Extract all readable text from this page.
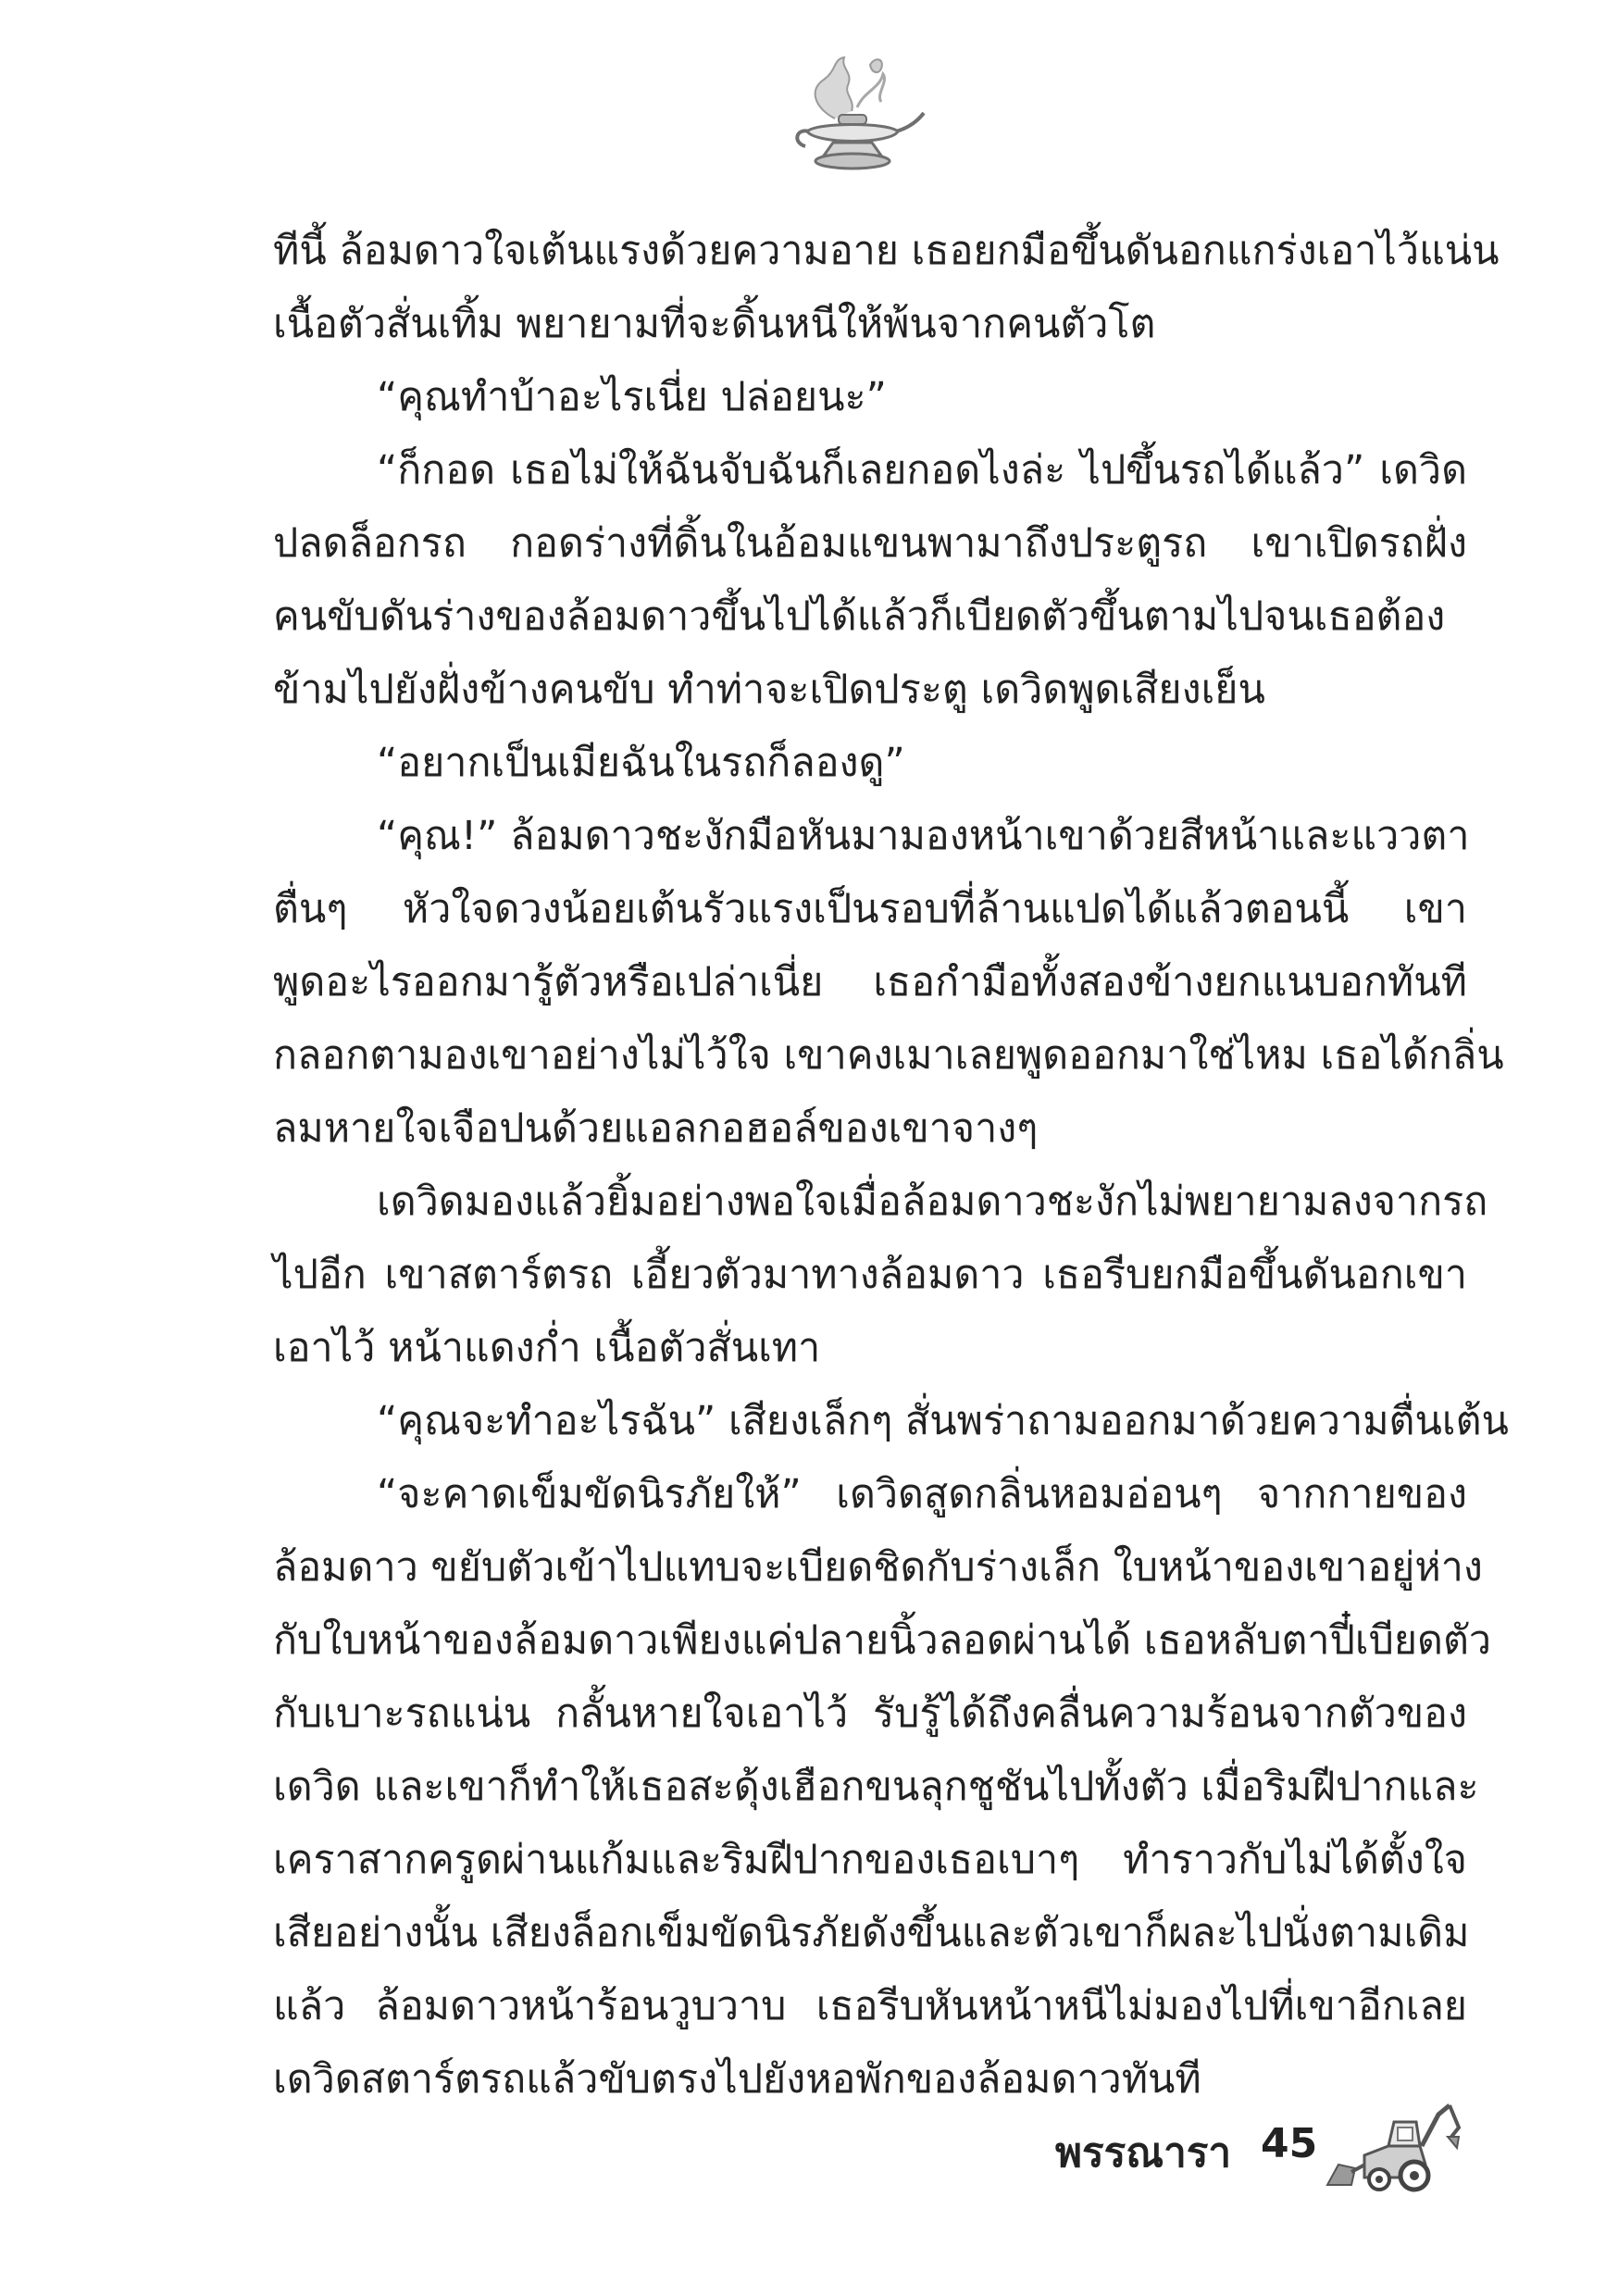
ทีนี้ ล้อมดาวใจเต้นแรงด้วยความอาย เธอยกมือขึ้นดันอกแกร่งเอาไว้แน่น
เนื้อตัวสั่นเทิ้ม พยายามที่จะดิ้นหนีให้พ้นจากคนตัวโต
“คุณทำบ้าอะไรเนี่ย ปล่อยนะ”
“ก็กอด เธอไม่ให้ฉันจับฉันก็เลยกอดไงล่ะ ไปขึ้นรถได้แล้ว” เดวิด
ปลดล็อกรถ กอดร่างที่ดิ้นในอ้อมแขนพามาถึงประตูรถ เขาเปิดรถฝั่ง
คนขับดันร่างของล้อมดาวขึ้นไปได้แล้วก็เบียดตัวขึ้นตามไปจนเธอต้อง
ข้ามไปยังฝั่งข้างคนขับ ทำท่าจะเปิดประตู เดวิดพูดเสียงเย็น
“อยากเป็นเมียฉันในรถก็ลองดู”
“คุณ!” ล้อมดาวชะงักมือหันมามองหน้าเขาด้วยสีหน้าและแววตา
ตื่นๆ หัวใจดวงน้อยเต้นรัวแรงเป็นรอบที่ล้านแปดได้แล้วตอนนี้ เขา
พูดอะไรออกมารู้ตัวหรือเปล่าเนี่ย เธอกำมือทั้งสองข้างยกแนบอกทันที
กลอกตามองเขาอย่างไม่ไว้ใจ เขาคงเมาเลยพูดออกมาใช่ไหม เธอได้กลิ่น
ลมหายใจเจือปนด้วยแอลกอฮอล์ของเขาจางๆ
เดวิดมองแล้วยิ้มอย่างพอใจเมื่อล้อมดาวชะงักไม่พยายามลงจากรถ
ไปอีก เขาสตาร์ตรถ เอี้ยวตัวมาทางล้อมดาว เธอรีบยกมือขึ้นดันอกเขา
เอาไว้ หน้าแดงก่ำ เนื้อตัวสั่นเทา
“คุณจะทำอะไรฉัน” เสียงเล็กๆ สั่นพร่าถามออกมาด้วยความตื่นเต้น
“จะคาดเข็มขัดนิรภัยให้” เดวิดสูดกลิ่นหอมอ่อนๆ จากกายของ
ล้อมดาว ขยับตัวเข้าไปแทบจะเบียดชิดกับร่างเล็ก ใบหน้าของเขาอยู่ห่าง
กับใบหน้าของล้อมดาวเพียงแค่ปลายนิ้วลอดผ่านได้ เธอหลับตาปี๋เบียดตัว
กับเบาะรถแน่น กลั้นหายใจเอาไว้ รับรู้ได้ถึงคลื่นความร้อนจากตัวของ
เดวิด และเขาก็ทำให้เธอสะดุ้งเฮือกขนลุกชูชันไปทั้งตัว เมื่อริมฝีปากและ
เคราสากครูดผ่านแก้มและริมฝีปากของเธอเบาๆ ทำราวกับไม่ได้ตั้งใจ
เสียอย่างนั้น เสียงล็อกเข็มขัดนิรภัยดังขึ้นและตัวเขาก็ผละไปนั่งตามเดิม
แล้ว ล้อมดาวหน้าร้อนวูบวาบ เธอรีบหันหน้าหนีไม่มองไปที่เขาอีกเลย
เดวิดสตาร์ตรถแล้วขับตรงไปยังหอพักของล้อมดาวทันที
พรรณารา 45
